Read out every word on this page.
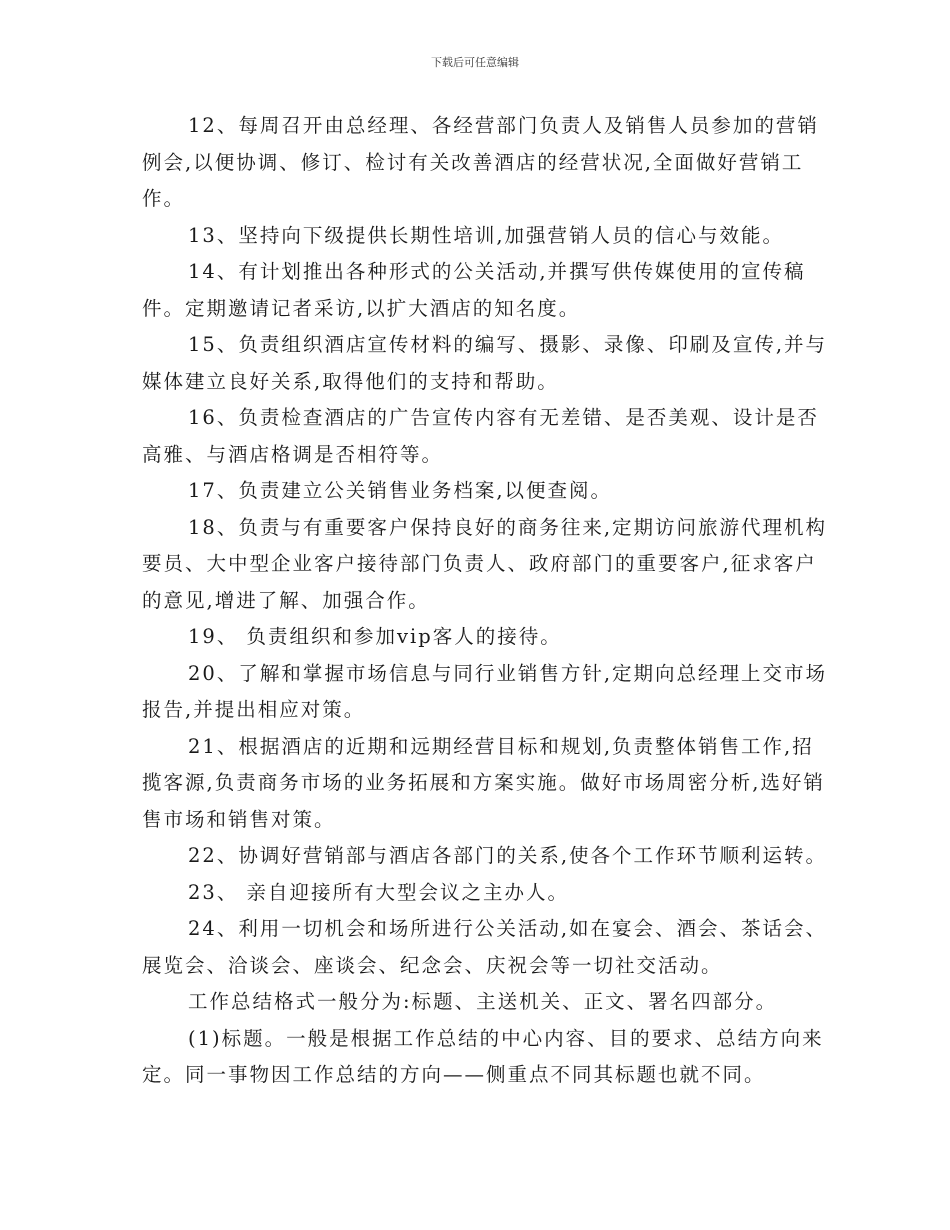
下载后可任意编辑

12、每周召开由总经理、各经营部门负责人及销售人员参加的营销例会,以便协调、修订、检讨有关改善酒店的经营状况,全面做好营销工作。

13、坚持向下级提供长期性培训,加强营销人员的信心与效能。

14、有计划推出各种形式的公关活动,并撰写供传媒使用的宣传稿件。定期邀请记者采访,以扩大酒店的知名度。

15、负责组织酒店宣传材料的编写、摄影、录像、印刷及宣传,并与媒体建立良好关系,取得他们的支持和帮助。

16、负责检查酒店的广告宣传内容有无差错、是否美观、设计是否高雅、与酒店格调是否相符等。

17、负责建立公关销售业务档案,以便查阅。

18、负责与有重要客户保持良好的商务往来,定期访问旅游代理机构要员、大中型企业客户接待部门负责人、政府部门的重要客户,征求客户的意见,增进了解、加强合作。

19、 负责组织和参加vip客人的接待。

20、了解和掌握市场信息与同行业销售方针,定期向总经理上交市场报告,并提出相应对策。

21、根据酒店的近期和远期经营目标和规划,负责整体销售工作,招揽客源,负责商务市场的业务拓展和方案实施。做好市场周密分析,选好销售市场和销售对策。

22、协调好营销部与酒店各部门的关系,使各个工作环节顺利运转。

23、 亲自迎接所有大型会议之主办人。

24、利用一切机会和场所进行公关活动,如在宴会、酒会、茶话会、展览会、洽谈会、座谈会、纪念会、庆祝会等一切社交活动。

工作总结格式一般分为:标题、主送机关、正文、署名四部分。

(1)标题。一般是根据工作总结的中心内容、目的要求、总结方向来定。同一事物因工作总结的方向——侧重点不同其标题也就不同。
